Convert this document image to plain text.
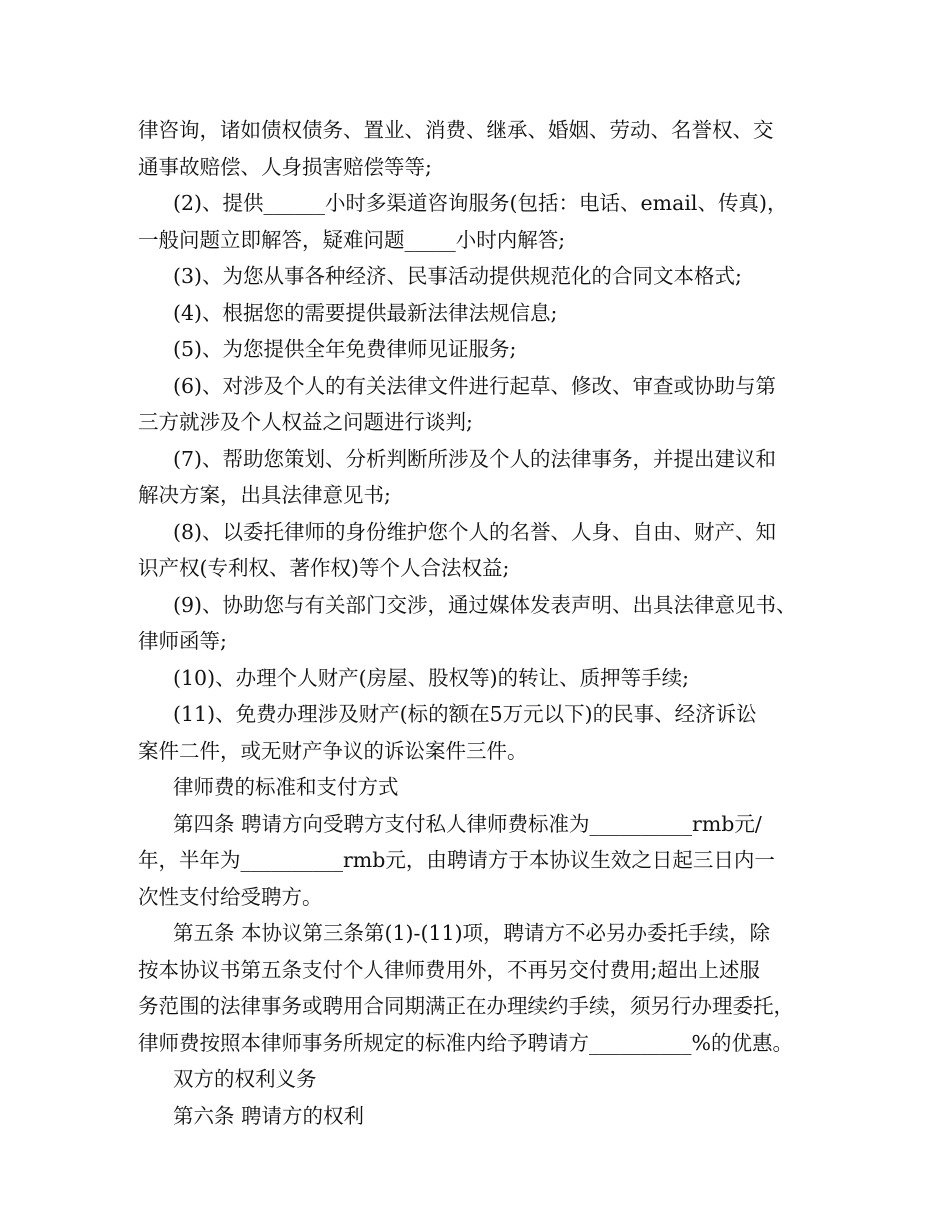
律咨询，诸如债权债务、置业、消费、继承、婚姻、劳动、名誉权、交
通事故赔偿、人身损害赔偿等等;
(2)、提供______小时多渠道咨询服务(包括：电话、email、传真)，
一般问题立即解答，疑难问题_____小时内解答;
(3)、为您从事各种经济、民事活动提供规范化的合同文本格式;
(4)、根据您的需要提供最新法律法规信息;
(5)、为您提供全年免费律师见证服务;
(6)、对涉及个人的有关法律文件进行起草、修改、审查或协助与第
三方就涉及个人权益之问题进行谈判;
(7)、帮助您策划、分析判断所涉及个人的法律事务，并提出建议和
解决方案，出具法律意见书;
(8)、以委托律师的身份维护您个人的名誉、人身、自由、财产、知
识产权(专利权、著作权)等个人合法权益;
(9)、协助您与有关部门交涉，通过媒体发表声明、出具法律意见书、
律师函等;
(10)、办理个人财产(房屋、股权等)的转让、质押等手续;
(11)、免费办理涉及财产(标的额在5万元以下)的民事、经济诉讼
案件二件，或无财产争议的诉讼案件三件。
律师费的标准和支付方式
第四条 聘请方向受聘方支付私人律师费标准为__________rmb元/
年，半年为__________rmb元，由聘请方于本协议生效之日起三日内一
次性支付给受聘方。
第五条 本协议第三条第(1)-(11)项，聘请方不必另办委托手续，除
按本协议书第五条支付个人律师费用外，不再另交付费用;超出上述服
务范围的法律事务或聘用合同期满正在办理续约手续，须另行办理委托，
律师费按照本律师事务所规定的标准内给予聘请方__________%的优惠。
双方的权利义务
第六条 聘请方的权利
